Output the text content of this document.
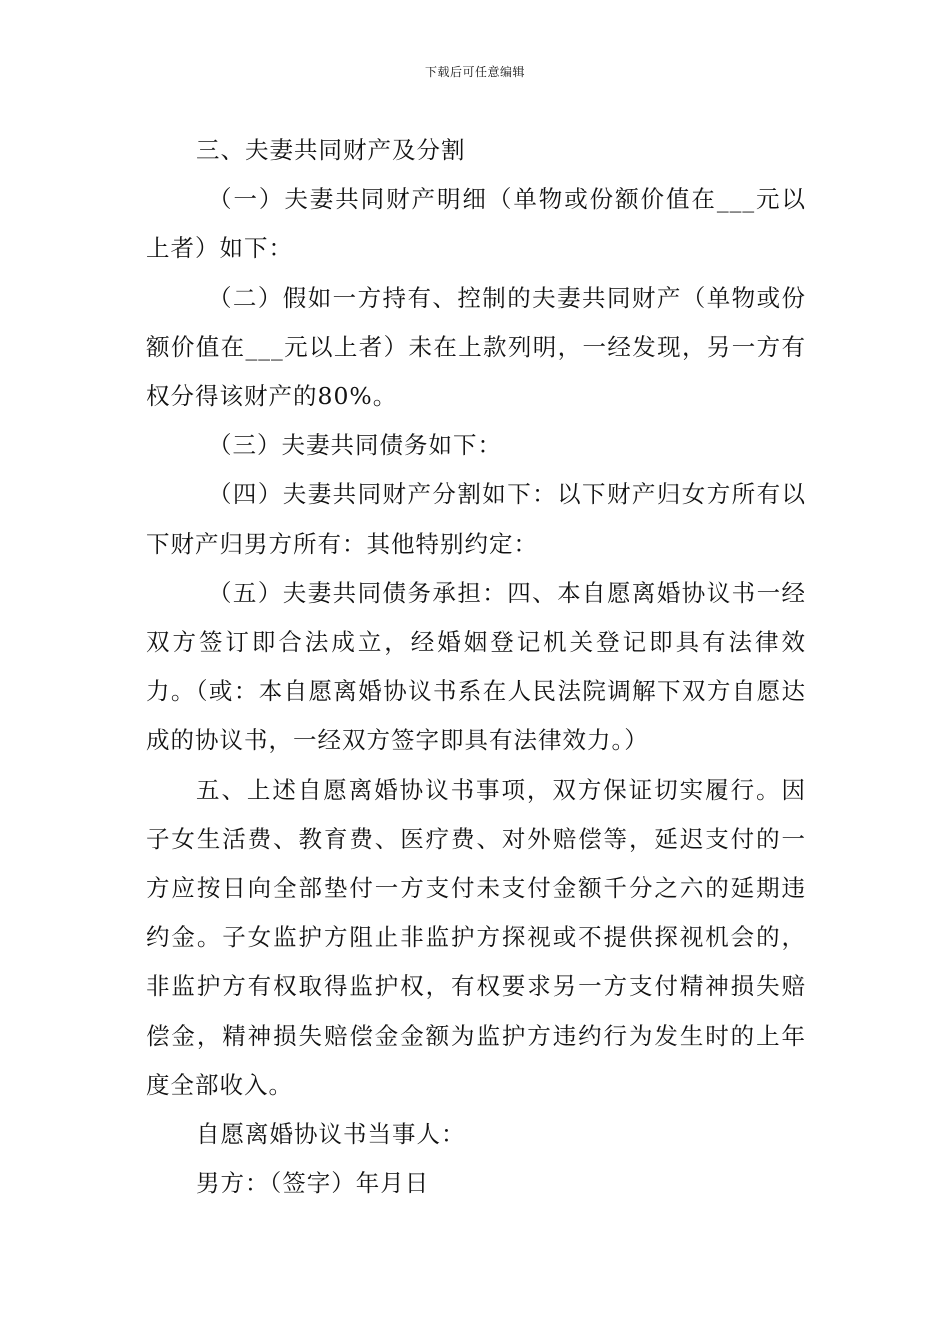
下载后可任意编辑

三、夫妻共同财产及分割

（一）夫妻共同财产明细（单物或份额价值在___元以上者）如下：

（二）假如一方持有、控制的夫妻共同财产（单物或份额价值在___元以上者）未在上款列明，一经发现，另一方有权分得该财产的80%。

（三）夫妻共同债务如下：

（四）夫妻共同财产分割如下：以下财产归女方所有以下财产归男方所有：其他特别约定：

（五）夫妻共同债务承担：四、本自愿离婚协议书一经双方签订即合法成立，经婚姻登记机关登记即具有法律效力。（或：本自愿离婚协议书系在人民法院调解下双方自愿达成的协议书，一经双方签字即具有法律效力。）

五、上述自愿离婚协议书事项，双方保证切实履行。因子女生活费、教育费、医疗费、对外赔偿等，延迟支付的一方应按日向全部垫付一方支付未支付金额千分之六的延期违约金。子女监护方阻止非监护方探视或不提供探视机会的，非监护方有权取得监护权，有权要求另一方支付精神损失赔偿金，精神损失赔偿金金额为监护方违约行为发生时的上年度全部收入。

自愿离婚协议书当事人：

男方：（签字）年月日
